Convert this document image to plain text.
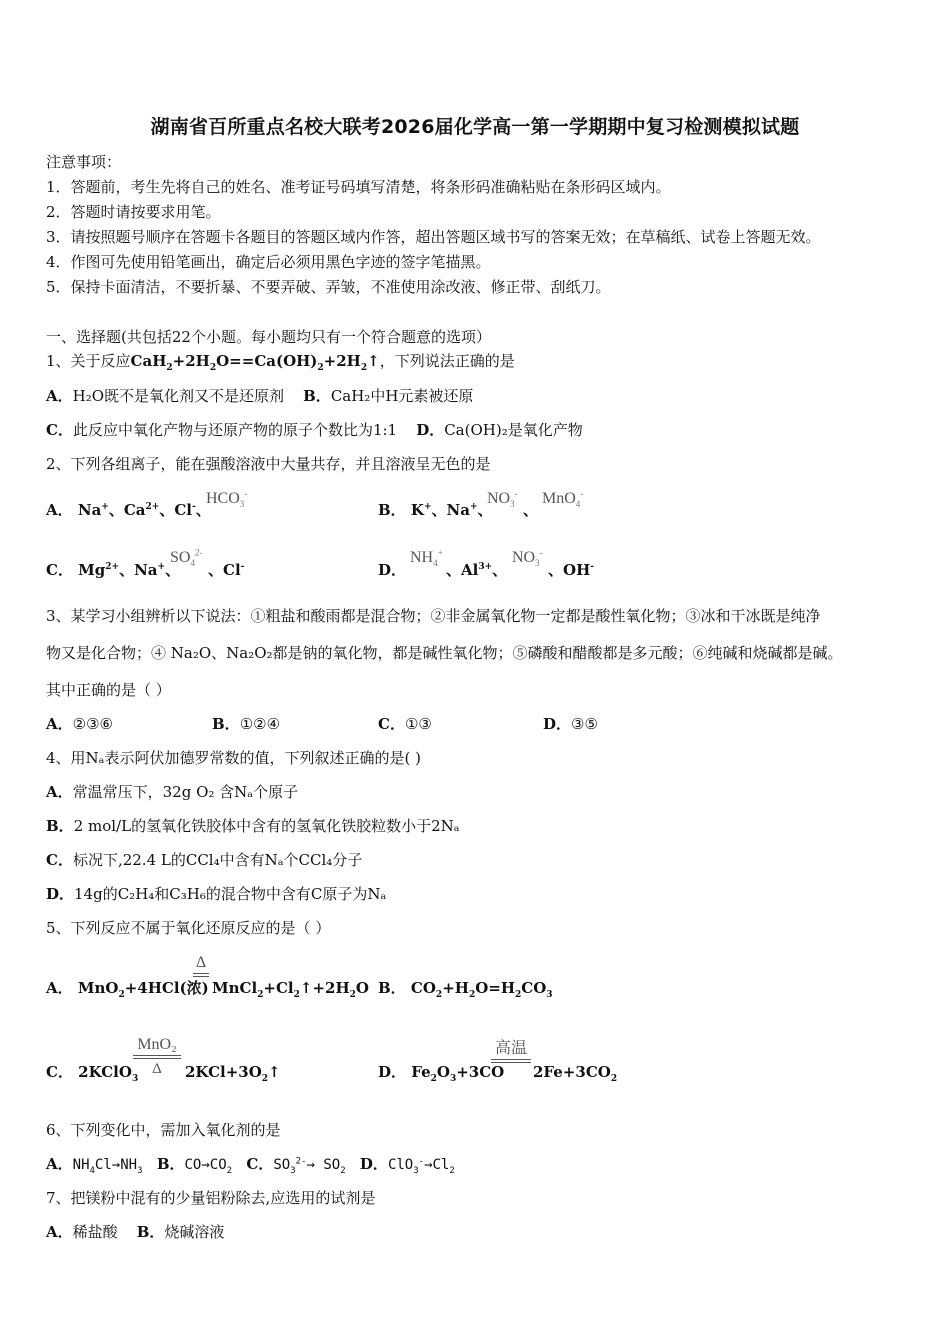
湖南省百所重点名校大联考2026届化学高一第一学期期中复习检测模拟试题
注意事项：
1．答题前，考生先将自己的姓名、准考证号码填写清楚，将条形码准确粘贴在条形码区域内。
2．答题时请按要求用笔。
3．请按照题号顺序在答题卡各题目的答题区域内作答，超出答题区域书写的答案无效；在草稿纸、试卷上答题无效。
4．作图可先使用铅笔画出，确定后必须用黑色字迹的签字笔描黑。
5．保持卡面清洁，不要折暴、不要弄破、弄皱，不准使用涂改液、修正带、刮纸刀。
一、选择题(共包括22个小题。每小题均只有一个符合题意的选项）
1、关于反应$CaH_2+2H_2O==Ca(OH)_2+2H_2↑$，下列说法正确的是
A．H₂O既不是氧化剂又不是还原剂 B．CaH₂中H元素被还原
C．此反应中氧化产物与还原产物的原子个数比为1:1 D．Ca(OH)₂是氧化产物
2、下列各组离子，能在强酸溶液中大量共存，并且溶液呈无色的是
A． Na+、$Ca^{2+}$、Cl-、
$HCO_3^-$
B． K+、Na+、
$NO_3^-$
、
MnO$_4$-
C． $Mg^{2+}$、Na+、
$SO_4^{2-}$
、Cl-	D．
$NH_4^+$
、$Al^{3+}$、
$NO_3^-$
、OH-
3、某学习小组辨析以下说法：①粗盐和酸雨都是混合物；②非金属氧化物一定都是酸性氧化物；③冰和干冰既是纯净
物又是化合物；④ Na₂O、Na₂O₂都是钠的氧化物，都是碱性氧化物；⑤磷酸和醋酸都是多元酸；⑥纯碱和烧碱都是碱。
其中正确的是（ ）
A．②③⑥	B．①②④	C．①③	D．③⑤
4、用Nₐ表示阿伏加德罗常数的值，下列叙述正确的是( )
A．常温常压下，32g O₂ 含Nₐ个原子
B．2 mol/L的氢氧化铁胶体中含有的氢氧化铁胶粒数小于2Nₐ
C．标况下,22.4 L的CCl₄中含有Nₐ个CCl₄分子
D．14g的C₂H₄和C₃H₆的混合物中含有C原子为Nₐ
5、下列反应不属于氧化还原反应的是（ ）
A． MnO$_2$+4HCl(浓)
Δ
$MnCl_2+Cl_2↑+2H_2O$ B． $CO_2+H_2O=H_2CO_3$
C． 2KClO$_3$
MnO₂
Δ	$2KCl+3O_2↑$	D． $Fe_2O_3+3CO$
高温
$2Fe+3CO_2$
6、下列变化中，需加入氧化剂的是
A．$NH_4Cl\to NH_3$ B．$CO\to CO_2$ C．$SO_3^{2-}\to SO_2$ D．$ClO_3^-\to Cl_2$
7、把镁粉中混有的少量铝粉除去,应选用的试剂是
A．稀盐酸 B．烧碱溶液
